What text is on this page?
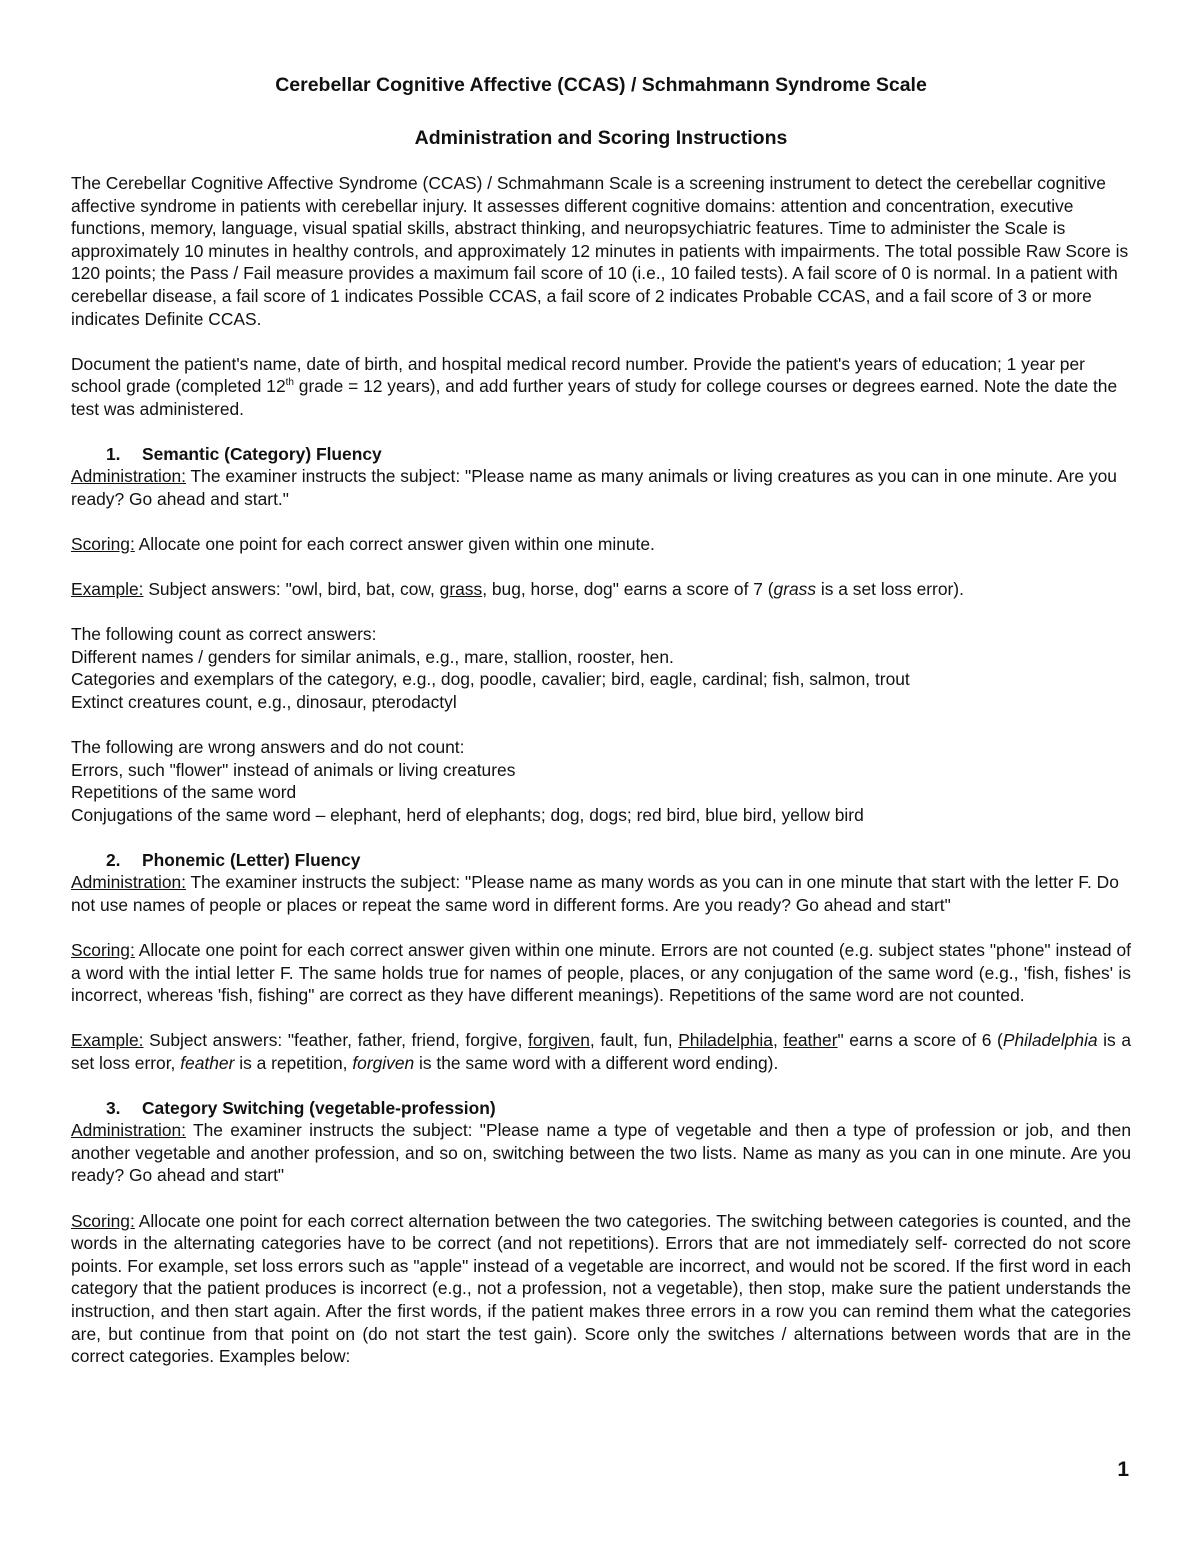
Cerebellar Cognitive Affective (CCAS) / Schmahmann Syndrome Scale

Administration and Scoring Instructions

The Cerebellar Cognitive Affective Syndrome (CCAS) / Schmahmann Scale is a screening instrument to detect the cerebellar cognitive affective syndrome in patients with cerebellar injury. It assesses different cognitive domains: attention and concentration, executive functions, memory, language, visual spatial skills, abstract thinking, and neuropsychiatric features. Time to administer the Scale is approximately 10 minutes in healthy controls, and approximately 12 minutes in patients with impairments. The total possible Raw Score is 120 points; the Pass / Fail measure provides a maximum fail score of 10 (i.e., 10 failed tests). A fail score of 0 is normal. In a patient with cerebellar disease, a fail score of 1 indicates Possible CCAS, a fail score of 2 indicates Probable CCAS, and a fail score of 3 or more indicates Definite CCAS.

Document the patient's name, date of birth, and hospital medical record number. Provide the patient's years of education; 1 year per school grade (completed 12th grade = 12 years), and add further years of study for college courses or degrees earned. Note the date the test was administered.

1. Semantic (Category) Fluency

Administration: The examiner instructs the subject: "Please name as many animals or living creatures as you can in one minute. Are you ready? Go ahead and start."

Scoring: Allocate one point for each correct answer given within one minute.

Example: Subject answers: "owl, bird, bat, cow, grass, bug, horse, dog" earns a score of 7 (grass is a set loss error).

The following count as correct answers:

Different names / genders for similar animals, e.g., mare, stallion, rooster, hen.

Categories and exemplars of the category, e.g., dog, poodle, cavalier; bird, eagle, cardinal; fish, salmon, trout

Extinct creatures count, e.g., dinosaur, pterodactyl

The following are wrong answers and do not count:

Errors, such "flower" instead of animals or living creatures

Repetitions of the same word

Conjugations of the same word – elephant, herd of elephants; dog, dogs; red bird, blue bird, yellow bird

2. Phonemic (Letter) Fluency

Administration: The examiner instructs the subject: "Please name as many words as you can in one minute that start with the letter F. Do not use names of people or places or repeat the same word in different forms. Are you ready? Go ahead and start"

Scoring: Allocate one point for each correct answer given within one minute. Errors are not counted (e.g. subject states "phone" instead of a word with the intial letter F. The same holds true for names of people, places, or any conjugation of the same word (e.g., 'fish, fishes' is incorrect, whereas 'fish, fishing" are correct as they have different meanings). Repetitions of the same word are not counted.

Example: Subject answers: "feather, father, friend, forgive, forgiven, fault, fun, Philadelphia, feather" earns a score of 6 (Philadelphia is a set loss error, feather is a repetition, forgiven is the same word with a different word ending).

3. Category Switching (vegetable-profession)

Administration: The examiner instructs the subject: "Please name a type of vegetable and then a type of profession or job, and then another vegetable and another profession, and so on, switching between the two lists. Name as many as you can in one minute. Are you ready? Go ahead and start"

Scoring: Allocate one point for each correct alternation between the two categories. The switching between categories is counted, and the words in the alternating categories have to be correct (and not repetitions). Errors that are not immediately self- corrected do not score points. For example, set loss errors such as "apple" instead of a vegetable are incorrect, and would not be scored. If the first word in each category that the patient produces is incorrect (e.g., not a profession, not a vegetable), then stop, make sure the patient understands the instruction, and then start again. After the first words, if the patient makes three errors in a row you can remind them what the categories are, but continue from that point on (do not start the test gain). Score only the switches / alternations between words that are in the correct categories. Examples below:

1
